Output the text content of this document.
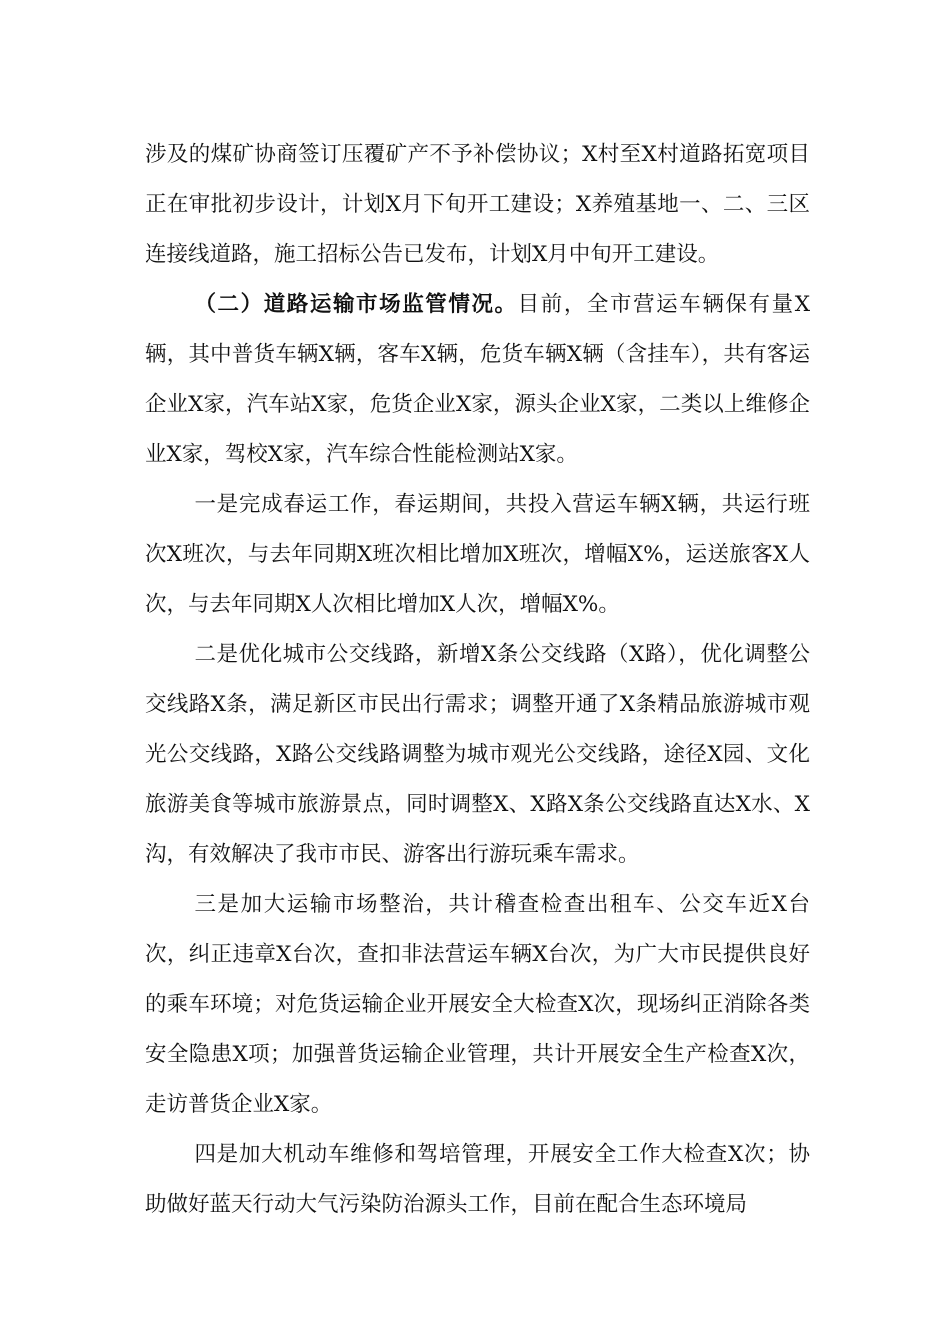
涉及的煤矿协商签订压覆矿产不予补偿协议；X村至X村道路拓宽项目正在审批初步设计，计划X月下旬开工建设；X养殖基地一、二、三区连接线道路，施工招标公告已发布，计划X月中旬开工建设。

（二）道路运输市场监管情况。目前，全市营运车辆保有量X辆，其中普货车辆X辆，客车X辆，危货车辆X辆（含挂车），共有客运企业X家，汽车站X家，危货企业X家，源头企业X家，二类以上维修企业X家，驾校X家，汽车综合性能检测站X家。

一是完成春运工作，春运期间，共投入营运车辆X辆，共运行班次X班次，与去年同期X班次相比增加X班次，增幅X%，运送旅客X人次，与去年同期X人次相比增加X人次，增幅X%。

二是优化城市公交线路，新增X条公交线路（X路），优化调整公交线路X条，满足新区市民出行需求；调整开通了X条精品旅游城市观光公交线路，X路公交线路调整为城市观光公交线路，途径X园、文化旅游美食等城市旅游景点，同时调整X、X路X条公交线路直达X水、X沟，有效解决了我市市民、游客出行游玩乘车需求。

三是加大运输市场整治，共计稽查检查出租车、公交车近X台次，纠正违章X台次，查扣非法营运车辆X台次，为广大市民提供良好的乘车环境；对危货运输企业开展安全大检查X次，现场纠正消除各类安全隐患X项；加强普货运输企业管理，共计开展安全生产检查X次，走访普货企业X家。

四是加大机动车维修和驾培管理，开展安全工作大检查X次；协助做好蓝天行动大气污染防治源头工作，目前在配合生态环境局
